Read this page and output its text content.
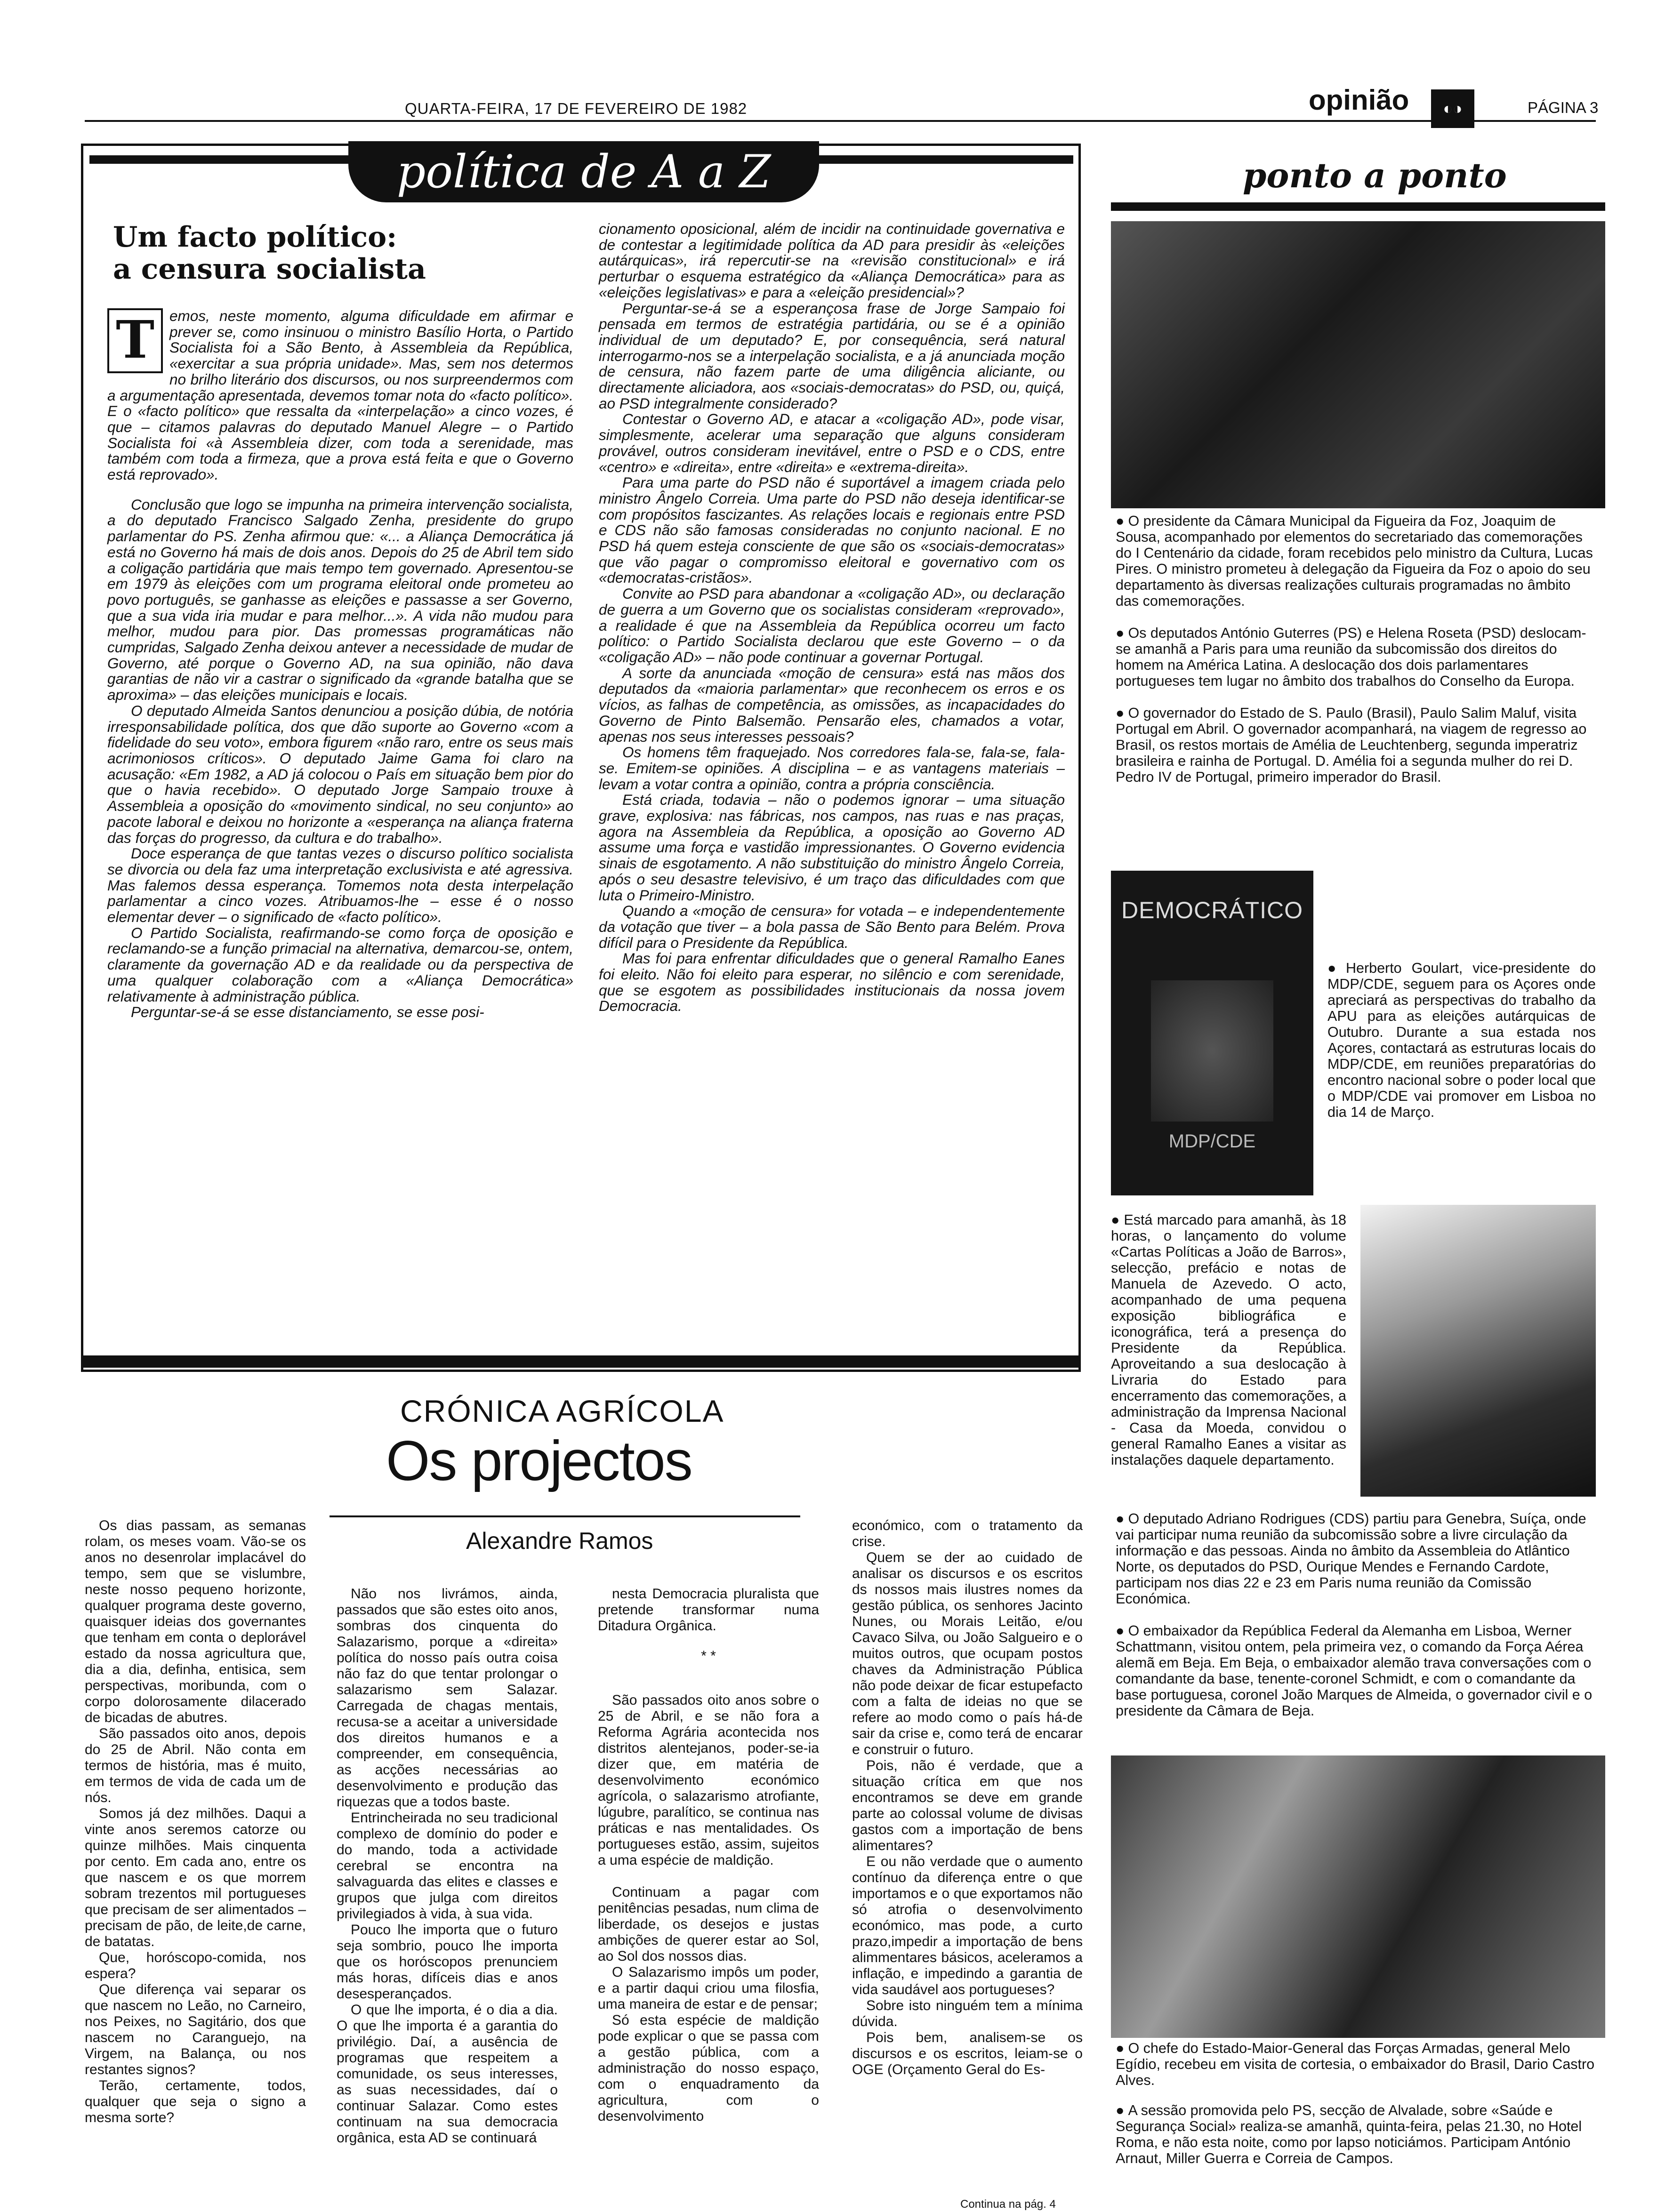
QUARTA-FEIRA, 17 DE FEVEREIRO DE 1982	opinião	◐◑	PÁGINA 3
política de A a Z
Um facto político:
a censura socialista
T	emos, neste momento, alguma dificuldade em afirmar e prever se, como insinuou o ministro Basílio Horta, o Partido Socialista foi a São Bento, à Assembleia da República, «exercitar a sua própria unidade». Mas, sem nos determos no brilho literário dos discursos, ou nos surpreendermos com a argumentação apresentada, devemos tomar nota do «facto político». E o «facto político» que ressalta da «interpelação» a cinco vozes, é que – citamos palavras do deputado Manuel Alegre – o Partido Socialista foi «à Assembleia dizer, com toda a serenidade, mas também com toda a firmeza, que a prova está feita e que o Governo está reprovado».

Conclusão que logo se impunha na primeira intervenção socialista, a do deputado Francisco Salgado Zenha, presidente do grupo parlamentar do PS. Zenha afirmou que: «... a Aliança Democrática já está no Governo há mais de dois anos. Depois do 25 de Abril tem sido a coligação partidária que mais tempo tem governado. Apresentou-se em 1979 às eleições com um programa eleitoral onde prometeu ao povo português, se ganhasse as eleições e passasse a ser Governo, que a sua vida iria mudar e para melhor...». A vida não mudou para melhor, mudou para pior. Das promessas programáticas não cumpridas, Salgado Zenha deixou antever a necessidade de mudar de Governo, até porque o Governo AD, na sua opinião, não dava garantias de não vir a castrar o significado da «grande batalha que se aproxima» – das eleições municipais e locais.

O deputado Almeida Santos denunciou a posição dúbia, de notória irresponsabilidade política, dos que dão suporte ao Governo «com a fidelidade do seu voto», embora figurem «não raro, entre os seus mais acrimoniosos críticos». O deputado Jaime Gama foi claro na acusação: «Em 1982, a AD já colocou o País em situação bem pior do que o havia recebido». O deputado Jorge Sampaio trouxe à Assembleia a oposição do «movimento sindical, no seu conjunto» ao pacote laboral e deixou no horizonte a «esperança na aliança fraterna das forças do progresso, da cultura e do trabalho».

Doce esperança de que tantas vezes o discurso político socialista se divorcia ou dela faz uma interpretação exclusivista e até agressiva. Mas falemos dessa esperança. Tomemos nota desta interpelação parlamentar a cinco vozes. Atribuamos-lhe – esse é o nosso elementar dever – o significado de «facto político».

O Partido Socialista, reafirmando-se como força de oposição e reclamando-se a função primacial na alternativa, demarcou-se, ontem, claramente da governação AD e da realidade ou da perspectiva de uma qualquer colaboração com a «Aliança Democrática» relativamente à administração pública.

Perguntar-se-á se esse distanciamento, se esse posi-

cionamento oposicional, além de incidir na continuidade governativa e de contestar a legitimidade política da AD para presidir às «eleições autárquicas», irá repercutir-se na «revisão constitucional» e irá perturbar o esquema estratégico da «Aliança Democrática» para as «eleições legislativas» e para a «eleição presidencial»?

Perguntar-se-á se a esperançosa frase de Jorge Sampaio foi pensada em termos de estratégia partidária, ou se é a opinião individual de um deputado? E, por consequência, será natural interrogarmo-nos se a interpelação socialista, e a já anunciada moção de censura, não fazem parte de uma diligência aliciante, ou directamente aliciadora, aos «sociais-democratas» do PSD, ou, quiçá, ao PSD integralmente considerado?

Contestar o Governo AD, e atacar a «coligação AD», pode visar, simplesmente, acelerar uma separação que alguns consideram provável, outros consideram inevitável, entre o PSD e o CDS, entre «centro» e «direita», entre «direita» e «extrema-direita».

Para uma parte do PSD não é suportável a imagem criada pelo ministro Ângelo Correia. Uma parte do PSD não deseja identificar-se com propósitos fascizantes. As relações locais e regionais entre PSD e CDS não são famosas consideradas no conjunto nacional. E no PSD há quem esteja consciente de que são os «sociais-democratas» que vão pagar o compromisso eleitoral e governativo com os «democratas-cristãos».

Convite ao PSD para abandonar a «coligação AD», ou declaração de guerra a um Governo que os socialistas consideram «reprovado», a realidade é que na Assembleia da República ocorreu um facto político: o Partido Socialista declarou que este Governo – o da «coligação AD» – não pode continuar a governar Portugal.

A sorte da anunciada «moção de censura» está nas mãos dos deputados da «maioria parlamentar» que reconhecem os erros e os vícios, as falhas de competência, as omissões, as incapacidades do Governo de Pinto Balsemão. Pensarão eles, chamados a votar, apenas nos seus interesses pessoais?

Os homens têm fraquejado. Nos corredores fala-se, fala-se, fala-se. Emitem-se opiniões. A disciplina – e as vantagens materiais – levam a votar contra a opinião, contra a própria consciência.

Está criada, todavia – não o podemos ignorar – uma situação grave, explosiva: nas fábricas, nos campos, nas ruas e nas praças, agora na Assembleia da República, a oposição ao Governo AD assume uma força e vastidão impressionantes. O Governo evidencia sinais de esgotamento. A não substituição do ministro Ângelo Correia, após o seu desastre televisivo, é um traço das dificuldades com que luta o Primeiro-Ministro.

Quando a «moção de censura» for votada – e independentemente da votação que tiver – a bola passa de São Bento para Belém. Prova difícil para o Presidente da República.

Mas foi para enfrentar dificuldades que o general Ramalho Eanes foi eleito. Não foi eleito para esperar, no silêncio e com serenidade, que se esgotem as possibilidades institucionais da nossa jovem Democracia.

ponto a ponto

● O presidente da Câmara Municipal da Figueira da Foz, Joaquim de Sousa, acompanhado por elementos do secretariado das comemorações do I Centenário da cidade, foram recebidos pelo ministro da Cultura, Lucas Pires. O ministro prometeu à delegação da Figueira da Foz o apoio do seu departamento às diversas realizações culturais programadas no âmbito das comemorações.

● Os deputados António Guterres (PS) e Helena Roseta (PSD) deslocam-se amanhã a Paris para uma reunião da subcomissão dos direitos do homem na América Latina. A deslocação dos dois parlamentares portugueses tem lugar no âmbito dos trabalhos do Conselho da Europa.

● O governador do Estado de S. Paulo (Brasil), Paulo Salim Maluf, visita Portugal em Abril. O governador acompanhará, na viagem de regresso ao Brasil, os restos mortais de Amélia de Leuchtenberg, segunda imperatriz brasileira e rainha de Portugal. D. Amélia foi a segunda mulher do rei D. Pedro IV de Portugal, primeiro imperador do Brasil.

DEMOCRÁTICO
MDP/CDE

● Herberto Goulart, vice-presidente do MDP/CDE, seguem para os Açores onde apreciará as perspectivas do trabalho da APU para as eleições autárquicas de Outubro. Durante a sua estada nos Açores, contactará as estruturas locais do MDP/CDE, em reuniões preparatórias do encontro nacional sobre o poder local que o MDP/CDE vai promover em Lisboa no dia 14 de Março.

● Está marcado para amanhã, às 18 horas, o lançamento do volume «Cartas Políticas a João de Barros», selecção, prefácio e notas de Manuela de Azevedo. O acto, acompanhado de uma pequena exposição bibliográfica e iconográfica, terá a presença do Presidente da República. Aproveitando a sua deslocação à Livraria do Estado para encerramento das comemorações, a administração da Imprensa Nacional - Casa da Moeda, convidou o general Ramalho Eanes a visitar as instalações daquele departamento.

● O deputado Adriano Rodrigues (CDS) partiu para Genebra, Suíça, onde vai participar numa reunião da subcomissão sobre a livre circulação da informação e das pessoas. Ainda no âmbito da Assembleia do Atlântico Norte, os deputados do PSD, Ourique Mendes e Fernando Cardote, participam nos dias 22 e 23 em Paris numa reunião da Comissão Económica.

● O embaixador da República Federal da Alemanha em Lisboa, Werner Schattmann, visitou ontem, pela primeira vez, o comando da Força Aérea alemã em Beja. Em Beja, o embaixador alemão trava conversações com o comandante da base, tenente-coronel Schmidt, e com o comandante da base portuguesa, coronel João Marques de Almeida, o governador civil e o presidente da Câmara de Beja.

● O chefe do Estado-Maior-General das Forças Armadas, general Melo Egídio, recebeu em visita de cortesia, o embaixador do Brasil, Dario Castro Alves.

● A sessão promovida pelo PS, secção de Alvalade, sobre «Saúde e Segurança Social» realiza-se amanhã, quinta-feira, pelas 21.30, no Hotel Roma, e não esta noite, como por lapso noticiámos. Participam António Arnaut, Miller Guerra e Correia de Campos.

CRÓNICA AGRÍCOLA
Os projectos
Alexandre Ramos

Os dias passam, as semanas rolam, os meses voam. Vão-se os anos no desenrolar implacável do tempo, sem que se vislumbre, neste nosso pequeno horizonte, qualquer programa deste governo, quaisquer ideias dos governantes que tenham em conta o deplorável estado da nossa agricultura que, dia a dia, definha, entisica, sem perspectivas, moribunda, com o corpo dolorosamente dilacerado de bicadas de abutres.

São passados oito anos, depois do 25 de Abril. Não conta em termos de história, mas é muito, em termos de vida de cada um de nós.

Somos já dez milhões. Daqui a vinte anos seremos catorze ou quinze milhões. Mais cinquenta por cento. Em cada ano, entre os que nascem e os que morrem sobram trezentos mil portugueses que precisam de ser alimentados – precisam de pão, de leite,de carne, de batatas.

Que, horóscopo-comida, nos espera?

Que diferença vai separar os que nascem no Leão, no Carneiro, nos Peixes, no Sagitário, dos que nascem no Caranguejo, na Virgem, na Balança, ou nos restantes signos?

Terão, certamente, todos, qualquer que seja o signo a mesma sorte?

Não nos livrámos, ainda, passados que são estes oito anos, sombras dos cinquenta do Salazarismo, porque a «direita» política do nosso país outra coisa não faz do que tentar prolongar o salazarismo sem Salazar. Carregada de chagas mentais, recusa-se a aceitar a universidade dos direitos humanos e a compreender, em consequência, as acções necessárias ao desenvolvimento e produção das riquezas que a todos baste.

Entrincheirada no seu tradicional complexo de domínio do poder e do mando, toda a actividade cerebral se encontra na salvaguarda das elites e classes e grupos que julga com direitos privilegiados à vida, à sua vida.

Pouco lhe importa que o futuro seja sombrio, pouco lhe importa que os horóscopos prenunciem más horas, difíceis dias e anos desesperançados.

O que lhe importa, é o dia a dia. O que lhe importa é a garantia do privilégio. Daí, a ausência de programas que respeitem a comunidade, os seus interesses, as suas necessidades, daí o continuar Salazar. Como estes continuam na sua democracia orgânica, esta AD se continuará

nesta Democracia pluralista que pretende transformar numa Ditadura Orgânica.

* *

São passados oito anos sobre o 25 de Abril, e se não fora a Reforma Agrária acontecida nos distritos alentejanos, poder-se-ia dizer que, em matéria de desenvolvimento económico agrícola, o salazarismo atrofiante, lúgubre, paralítico, se continua nas práticas e nas mentalidades. Os portugueses estão, assim, sujeitos a uma espécie de maldição.

Continuam a pagar com penitências pesadas, num clima de liberdade, os desejos e justas ambições de querer estar ao Sol, ao Sol dos nossos dias.

O Salazarismo impôs um poder, e a partir daqui criou uma filosfia, uma maneira de estar e de pensar;

Só esta espécie de maldição pode explicar o que se passa com a gestão pública, com a administração do nosso espaço, com o enquadramento da agricultura, com o desenvolvimento

económico, com o tratamento da crise.

Quem se der ao cuidado de analisar os discursos e os escritos ds nossos mais ilustres nomes da gestão pública, os senhores Jacinto Nunes, ou Morais Leitão, e/ou Cavaco Silva, ou João Salgueiro e o muitos outros, que ocupam postos chaves da Administração Pública não pode deixar de ficar estupefacto com a falta de ideias no que se refere ao modo como o país há-de sair da crise e, como terá de encarar e construir o futuro.

Pois, não é verdade, que a situação crítica em que nos encontramos se deve em grande parte ao colossal volume de divisas gastos com a importação de bens alimentares?

E ou não verdade que o aumento contínuo da diferença entre o que importamos e o que exportamos não só atrofia o desenvolvimento económico, mas pode, a curto prazo,impedir a importação de bens alimmentares básicos, aceleramos a inflação, e impedindo a garantia de vida saudável aos portugueses?

Sobre isto ninguém tem a mínima dúvida.

Pois bem, analisem-se os discursos e os escritos, leiam-se o OGE (Orçamento Geral do Es-

Continua na pág. 4
